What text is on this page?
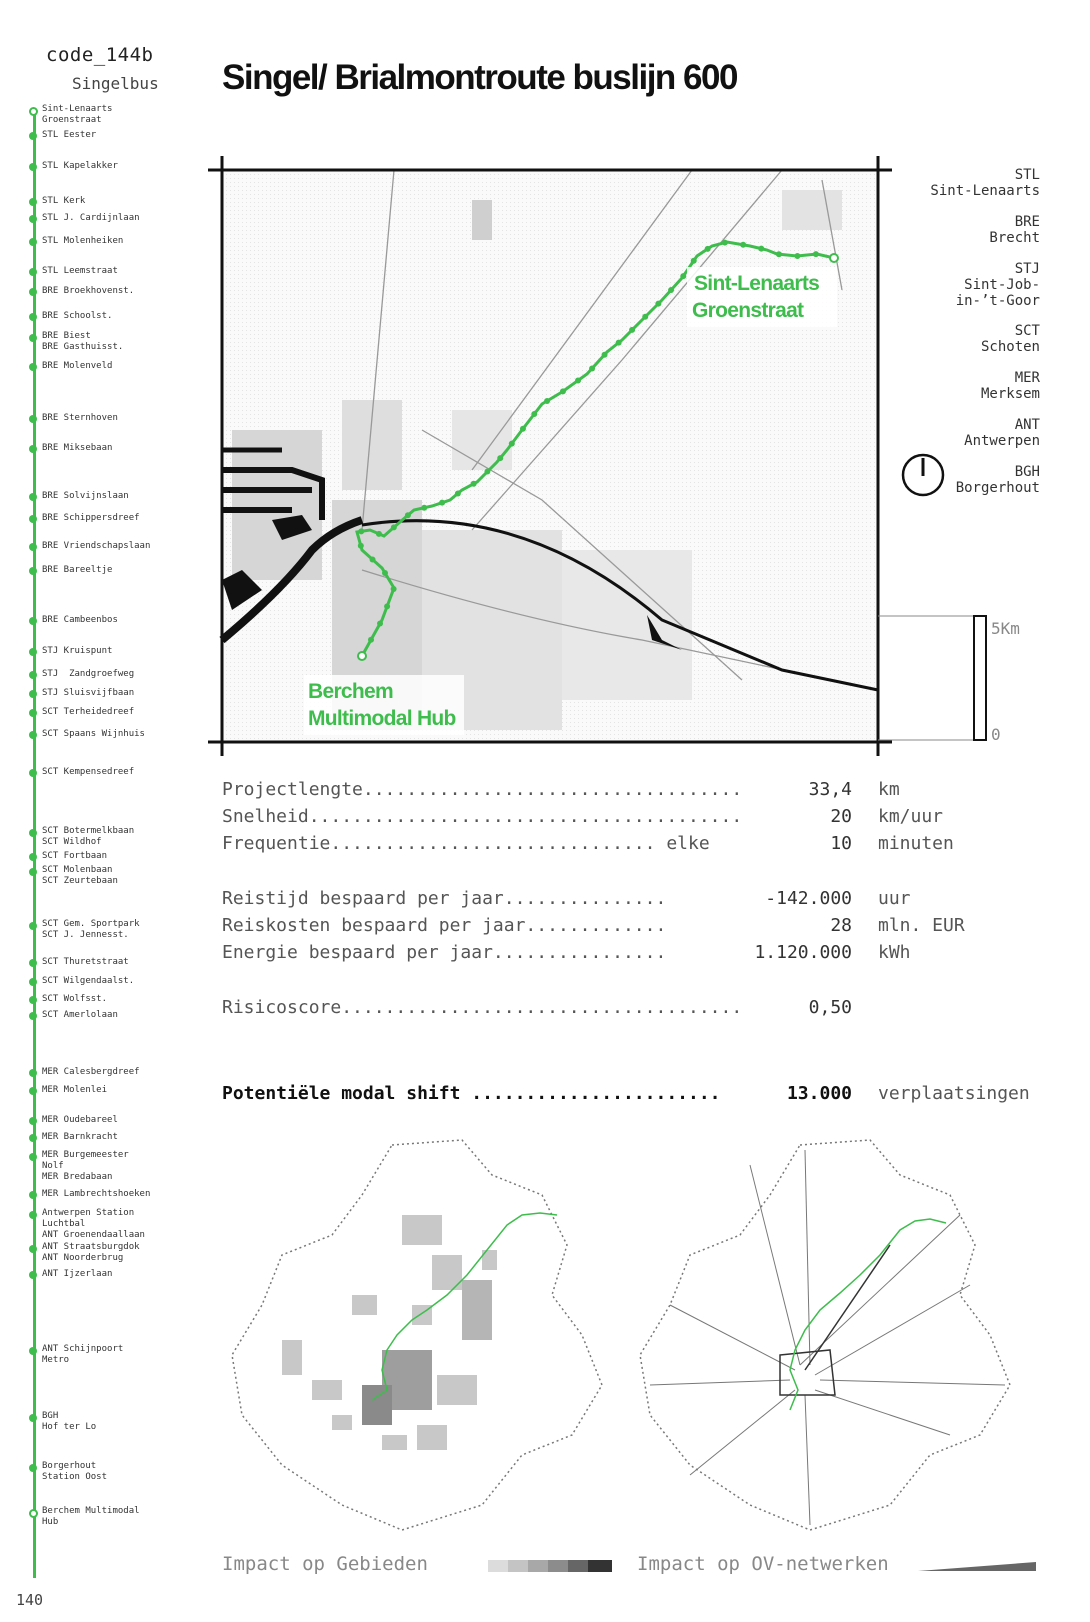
code_144b
Singelbus Singel/ Brialmontroute buslijn 600
Sint-Lenaarts
Groenstraat
STL Eester
STL Kapelakker
STL Kerk
STL J. Cardijnlaan
STL Molenheiken
STL Leemstraat
BRE Broekhovenst.
BRE Schoolst.
BRE Biest
BRE Gasthuisst.
BRE Molenveld
BRE Sternhoven
BRE Miksebaan
BRE Solvijnslaan
BRE Schippersdreef
BRE Vriendschapslaan
BRE Bareeltje
BRE Cambeenbos
STJ Kruispunt
STJ  Zandgroefweg
STJ Sluisvijfbaan
SCT Terheidedreef
SCT Spaans Wijnhuis
SCT Kempensedreef
SCT Botermelkbaan
SCT Wildhof
SCT Fortbaan
SCT Molenbaan
SCT Zeurtebaan
SCT Gem. Sportpark
SCT J. Jennesst.
SCT Thuretstraat
SCT Wilgendaalst.
SCT Wolfsst.
SCT Amerlolaan
MER Calesbergdreef
MER Molenlei
MER Oudebareel
MER Barnkracht
MER Burgemeester
Nolf
MER Bredabaan
MER Lambrechtshoeken
Antwerpen Station
Luchtbal
ANT Groenendaallaan
ANT Straatsburgdok
ANT Noorderbrug
ANT Ijzerlaan
ANT Schijnpoort
Metro
BGH
Hof ter Lo
Borgerhout
Station Oost
Berchem Multimodal
Hub
140
Sint-Lenaarts
Groenstraat
Berchem
Multimodal Hub
5Km
0
STL
Sint-Lenaarts
BRE
Brecht
STJ
Sint-Job-
in-’t-Goor
SCT
Schoten
MER
Merksem
ANT
Antwerpen
BGH
Borgerhout
Projectlengte...................................	33,4 km
Snelheid........................................	20 km/uur
Frequentie.............................. elke	10 minuten
Reistijd bespaard per jaar...............	-142.000 uur
Reiskosten bespaard per jaar.............	28 mln. EUR
Energie bespaard per jaar................	1.120.000 kWh
Risicoscore.....................................	0,50
Potentiële modal shift .......................	13.000 verplaatsingen
Impact op Gebieden	Impact op OV-netwerken
